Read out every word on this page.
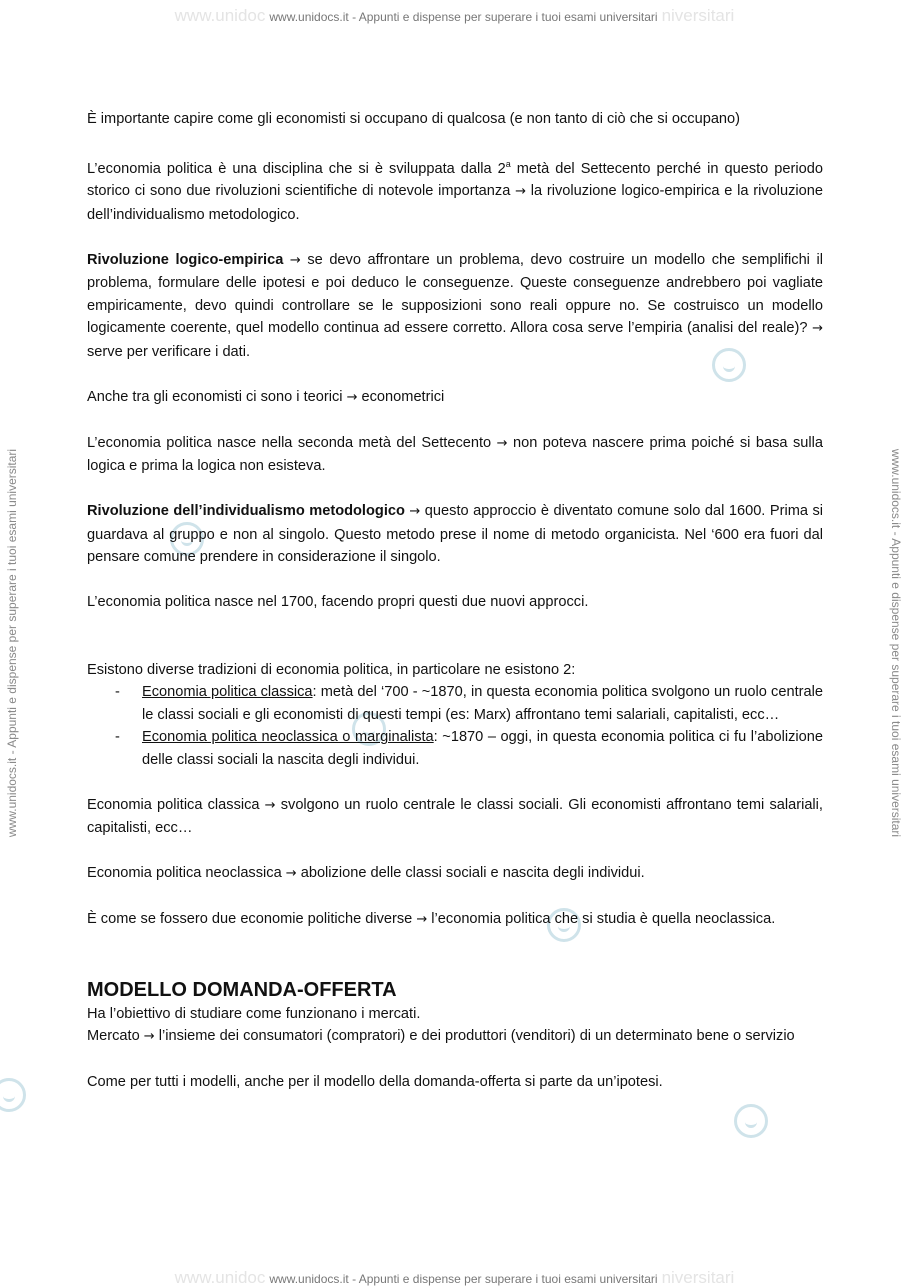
www.unidoc www.unidocs.it - Appunti e dispense per superare i tuoi esami universitari niversitari
www.unidocs.it - Appunti e dispense per superare i tuoi esami universitari	www.unidocs.it - Appunti e dispense per superare i tuoi esami universitari

È importante capire come gli economisti si occupano di qualcosa (e non tanto di ciò che si occupano)

L’economia politica è una disciplina che si è sviluppata dalla 2$^a$ metà del Settecento perché in questo periodo storico ci sono due rivoluzioni scientifiche di notevole importanza → la rivoluzione logico-empirica e la rivoluzione dell’individualismo metodologico.

Rivoluzione logico-empirica → se devo affrontare un problema, devo costruire un modello che semplifichi il problema, formulare delle ipotesi e poi deduco le conseguenze. Queste conseguenze andrebbero poi vagliate empiricamente, devo quindi controllare se le supposizioni sono reali oppure no. Se costruisco un modello logicamente coerente, quel modello continua ad essere corretto. Allora cosa serve l’empiria (analisi del reale)? → serve per verificare i dati.

Anche tra gli economisti ci sono i teorici → econometrici

L’economia politica nasce nella seconda metà del Settecento → non poteva nascere prima poiché si basa sulla logica e prima la logica non esisteva.

Rivoluzione dell’individualismo metodologico → questo approccio è diventato comune solo dal 1600. Prima si guardava al gruppo e non al singolo. Questo metodo prese il nome di metodo organicista. Nel ‘600 era fuori dal pensare comune prendere in considerazione il singolo.

L’economia politica nasce nel 1700, facendo propri questi due nuovi approcci.

Esistono diverse tradizioni di economia politica, in particolare ne esistono 2:

- Economia politica classica: metà del ‘700 - ~1870, in questa economia politica svolgono un ruolo centrale le classi sociali e gli economisti di questi tempi (es: Marx) affrontano temi salariali, capitalisti, ecc…
- Economia politica neoclassica o marginalista: ~1870 – oggi, in questa economia politica ci fu l’abolizione delle classi sociali la nascita degli individui.

Economia politica classica → svolgono un ruolo centrale le classi sociali. Gli economisti affrontano temi salariali, capitalisti, ecc…

Economia politica neoclassica → abolizione delle classi sociali e nascita degli individui.

È come se fossero due economie politiche diverse → l’economia politica che si studia è quella neoclassica.

MODELLO DOMANDA-OFFERTA

Ha l’obiettivo di studiare come funzionano i mercati.

Mercato → l’insieme dei consumatori (compratori) e dei produttori (venditori) di un determinato bene o servizio

Come per tutti i modelli, anche per il modello della domanda-offerta si parte da un’ipotesi.

www.unidoc www.unidocs.it - Appunti e dispense per superare i tuoi esami universitari niversitari
